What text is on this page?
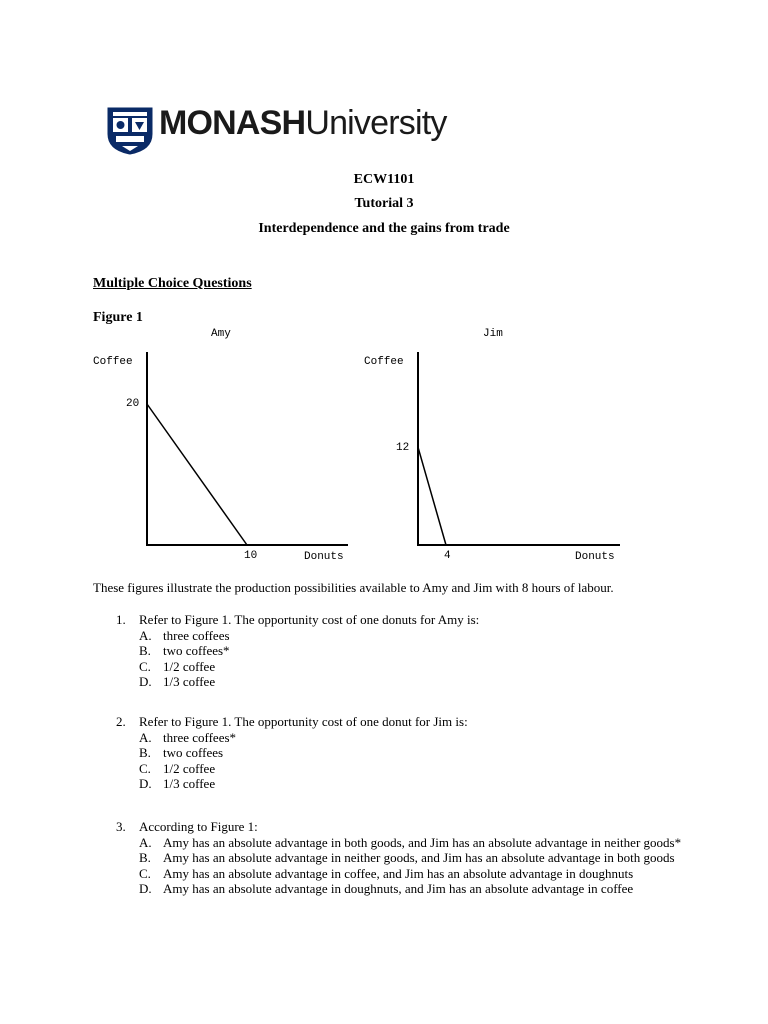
MONASHUniversity
ECW1101
Tutorial 3
Interdependence and the gains from trade
Multiple Choice Questions
Figure 1
Amy
Coffee
20
10	Donuts
Jim
Coffee
12
4	Donuts
These figures illustrate the production possibilities available to Amy and Jim with 8 hours of labour.
1. Refer to Figure 1. The opportunity cost of one donuts for Amy is:
A. three coffees
B. two coffees*
C. 1/2 coffee
D. 1/3 coffee
2. Refer to Figure 1. The opportunity cost of one donut for Jim is:
A. three coffees*
B. two coffees
C. 1/2 coffee
D. 1/3 coffee
3. According to Figure 1:
A. Amy has an absolute advantage in both goods, and Jim has an absolute advantage in neither goods*
B. Amy has an absolute advantage in neither goods, and Jim has an absolute advantage in both goods
C. Amy has an absolute advantage in coffee, and Jim has an absolute advantage in doughnuts
D. Amy has an absolute advantage in doughnuts, and Jim has an absolute advantage in coffee
